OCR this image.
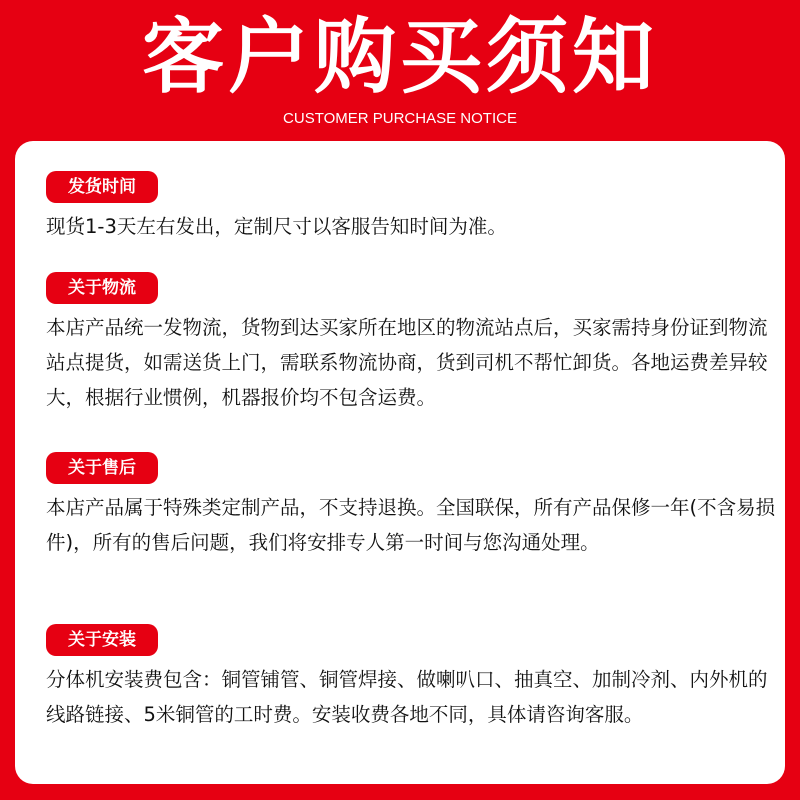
客户购买须知
CUSTOMER PURCHASE NOTICE
发货时间
现货1-3天左右发出，定制尺寸以客服告知时间为准。
关于物流
本店产品统一发物流，货物到达买家所在地区的物流站点后，买家需持身份证到物流站点提货，如需送货上门，需联系物流协商，货到司机不帮忙卸货。各地运费差异较大，根据行业惯例，机器报价均不包含运费。
关于售后
本店产品属于特殊类定制产品，不支持退换。全国联保，所有产品保修一年(不含易损件)，所有的售后问题，我们将安排专人第一时间与您沟通处理。
关于安装
分体机安装费包含：铜管铺管、铜管焊接、做喇叭口、抽真空、加制冷剂、内外机的线路链接、5米铜管的工时费。安装收费各地不同，具体请咨询客服。
